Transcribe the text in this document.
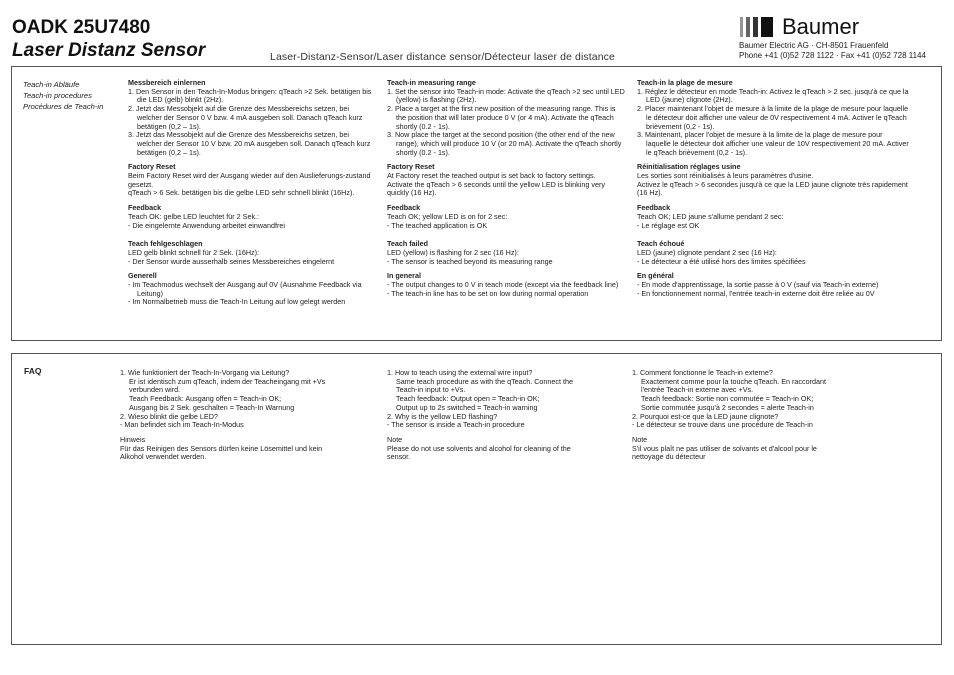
OADK 25U7480
Laser Distanz Sensor	Laser-Distanz-Sensor/Laser distance sensor/Détecteur laser de distance
Baumer
Baumer Electric AG · CH-8501 Frauenfeld
Phone +41 (0)52 728 1122 · Fax +41 (0)52 728 1144
Teach-in Abläufe
Teach-in procedures
Procédures de Teach-in

Messbereich einlernen

1. Den Sensor in den Teach-In-Modus bringen: qTeach >2 Sek. betätigen bis die LED (gelb) blinkt (2Hz).

2. Jetzt das Messobjekt auf die Grenze des Messbereichs setzen, bei welcher der Sensor 0 V bzw. 4 mA ausgeben soll. Danach qTeach kurz betätigen (0,2 – 1s).

3. Jetzt das Messobjekt auf die Grenze des Messbereichs setzen, bei welcher der Sensor 10 V bzw. 20 mA ausgeben soll. Danach qTeach kurz betätigen (0,2 – 1s).

Factory Reset

Beim Factory Reset wird der Ausgang wieder auf den Auslieferungs-zustand gesetzt.

qTeach > 6 Sek. betätigen bis die gelbe LED sehr schnell blinkt (16Hz).

Feedback

Teach OK: gelbe LED leuchtet für 2 Sek.:

- Die eingelernte Anwendung arbeitet einwandfrei

Teach fehlgeschlagen

LED gelb blinkt schnell für 2 Sek. (16Hz):

- Der Sensor wurde ausserhalb seines Messbereiches eingelernt

Generell

- Im Teachmodus wechselt der Ausgang auf 0V (Ausnahme Feedback via Leitung)

- Im Normalbetrieb muss die Teach-In Leitung auf low gelegt werden

Teach-in measuring range

1. Set the sensor into Teach-in mode: Activate the qTeach >2 sec until LED (yellow) is flashing (2Hz).

2. Place a target at the first new position of the measuring range. This is the position that will later produce 0 V (or 4 mA). Activate the qTeach shortly (0.2 - 1s).

3. Now place the target at the second position (the other end of the new range), which will produce 10 V (or 20 mA). Activate the qTeach shortly shortly (0.2 - 1s).

Factory Reset

At Factory reset the teached output is set back to factory settings.

Activate the qTeach > 6 seconds until the yellow LED is blinking very quickly (16 Hz).

Feedback

Teach OK; yellow LED is on for 2 sec:

- The teached application is OK

Teach failed

LED (yellow) is flashing for 2 sec (16 Hz):

- The sensor is teached beyond its measuring range

In general

- The output changes to 0 V in teach mode (except via the feedback line)

- The teach-in line has to be set on low during normal operation

Teach-in la plage de mesure

1. Réglez le détecteur en mode Teach-in: Activez le qTeach > 2 sec. jusqu'à ce que la LED (jaune) clignote (2Hz).

2. Placer maintenant l'objet de mesure à la limite de la plage de mesure pour laquelle le détecteur doit afficher une valeur de 0V respectivement 4 mA. Activer le qTeach brièvement (0,2 - 1s).

3. Maintenant, placer l'objet de mesure à la limite de la plage de mesure pour laquelle le détecteur doit afficher une valeur de 10V respectivement 20 mA. Activer le qTeach brièvement (0,2 - 1s).

Réinitialisation réglages usine

Les sorties sont réinitialisés à leurs paramètres d'usine.

Activez le qTeach > 6 secondes jusqu'à ce que la LED jaune clignote très rapidement (16 Hz).

Feedback

Teach OK; LED jaune s'allume pendant 2 sec:

- Le réglage est OK

Teach échoué

LED (jaune) clignote pendant 2 sec (16 Hz):

- Le détecteur a été utilisé hors des limites spécifiées

En général

- En mode d'apprentissage, la sortie passe à 0 V (sauf via Teach-in externe)

- En fonctionnement normal, l'entrée teach-in externe doit être reliée au 0V

FAQ	1. Wie funktioniert der Teach-In-Vorgang via Leitung?

Er ist identisch zum qTeach, indem der Teacheingang mit +Vs verbunden wird.

Teach Feedback: Ausgang offen = Teach-in OK;

Ausgang bis 2 Sek. geschalten = Teach-In Warnung

2. Wieso blinkt die gelbe LED?

- Man befindet sich im Teach-In-Modus

Hinweis

Für das Reinigen des Sensors dürfen keine Lösemittel und kein Alkohol verwendet werden.

1. How to teach using the external wire input?

Same teach procedure as with the qTeach. Connect the Teach-in input to +Vs.

Teach feedback: Output open = Teach-in OK;

Output up to 2s switched = Teach-in warning

2. Why is the yellow LED flashing?

- The sensor is inside a Teach-in procedure

Note

Please do not use solvents and alcohol for cleaning of the sensor.

1. Comment fonctionne le Teach-in externe?

Exactement comme pour la touche qTeach. En raccordant l'entrée Teach-in externe avec +Vs.

Teach feedback: Sortie non commutée = Teach-in OK;

Sortie commutée jusqu'à 2 secondes = alerte Teach-in

2. Pourquoi est-ce que la LED jaune clignote?

- Le détecteur se trouve dans une procédure de Teach-in

Note

S'il vous plaît ne pas utiliser de solvants et d'alcool pour le nettoyage du détecteur
